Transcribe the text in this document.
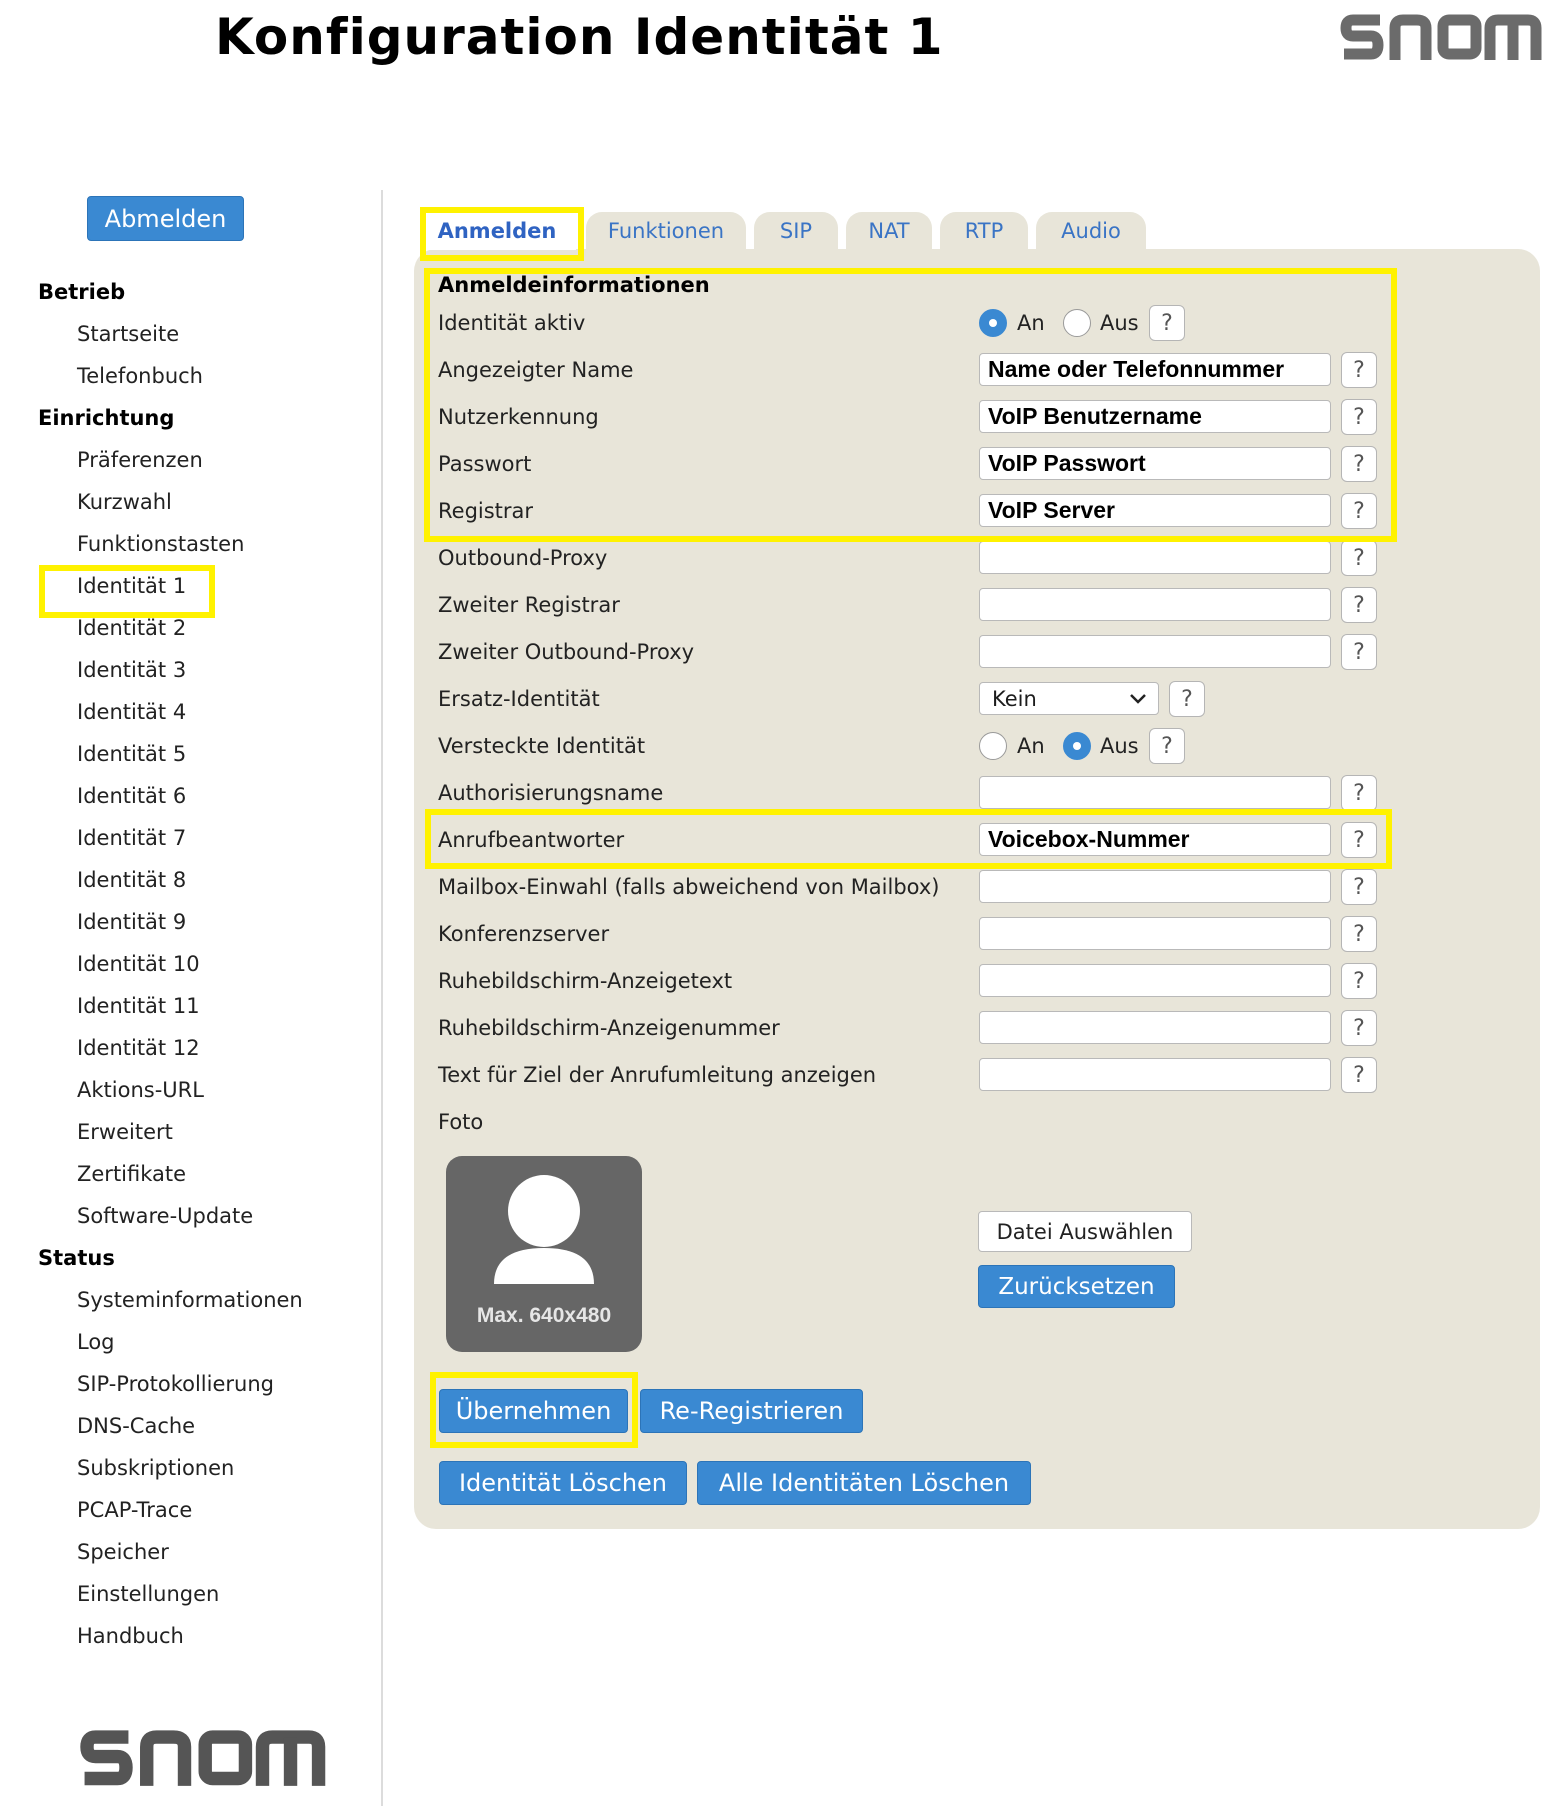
Konfiguration Identität 1
Abmelden
Betrieb
Startseite
Telefonbuch
Einrichtung
Präferenzen
Kurzwahl
Funktionstasten
Identität 1
Identität 2
Identität 3
Identität 4
Identität 5
Identität 6
Identität 7
Identität 8
Identität 9
Identität 10
Identität 11
Identität 12
Aktions-URL
Erweitert
Zertifikate
Software-Update
Status
Systeminformationen
Log
SIP-Protokollierung
DNS-Cache
Subskriptionen
PCAP-Trace
Speicher
Einstellungen
Handbuch
Anmelden	Funktionen	SIP	NAT	RTP	Audio
Anmeldeinformationen
Identität aktiv	An	Aus	?
Angezeigter Name	Name oder Telefonnummer	?
Nutzerkennung	VoIP Benutzername	?
Passwort	VoIP Passwort	?
Registrar	VoIP Server	?
Outbound-Proxy	?
Zweiter Registrar	?
Zweiter Outbound-Proxy	?
Ersatz-Identität	Kein	?
Versteckte Identität	An	Aus	?
Authorisierungsname	?
Anrufbeantworter	Voicebox-Nummer	?
Mailbox-Einwahl (falls abweichend von Mailbox)	?
Konferenzserver	?
Ruhebildschirm-Anzeigetext	?
Ruhebildschirm-Anzeigenummer	?
Text für Ziel der Anrufumleitung anzeigen	?
Foto
Max. 640x480
Datei Auswählen
Zurücksetzen
Übernehmen	Re-Registrieren
Identität Löschen	Alle Identitäten Löschen
